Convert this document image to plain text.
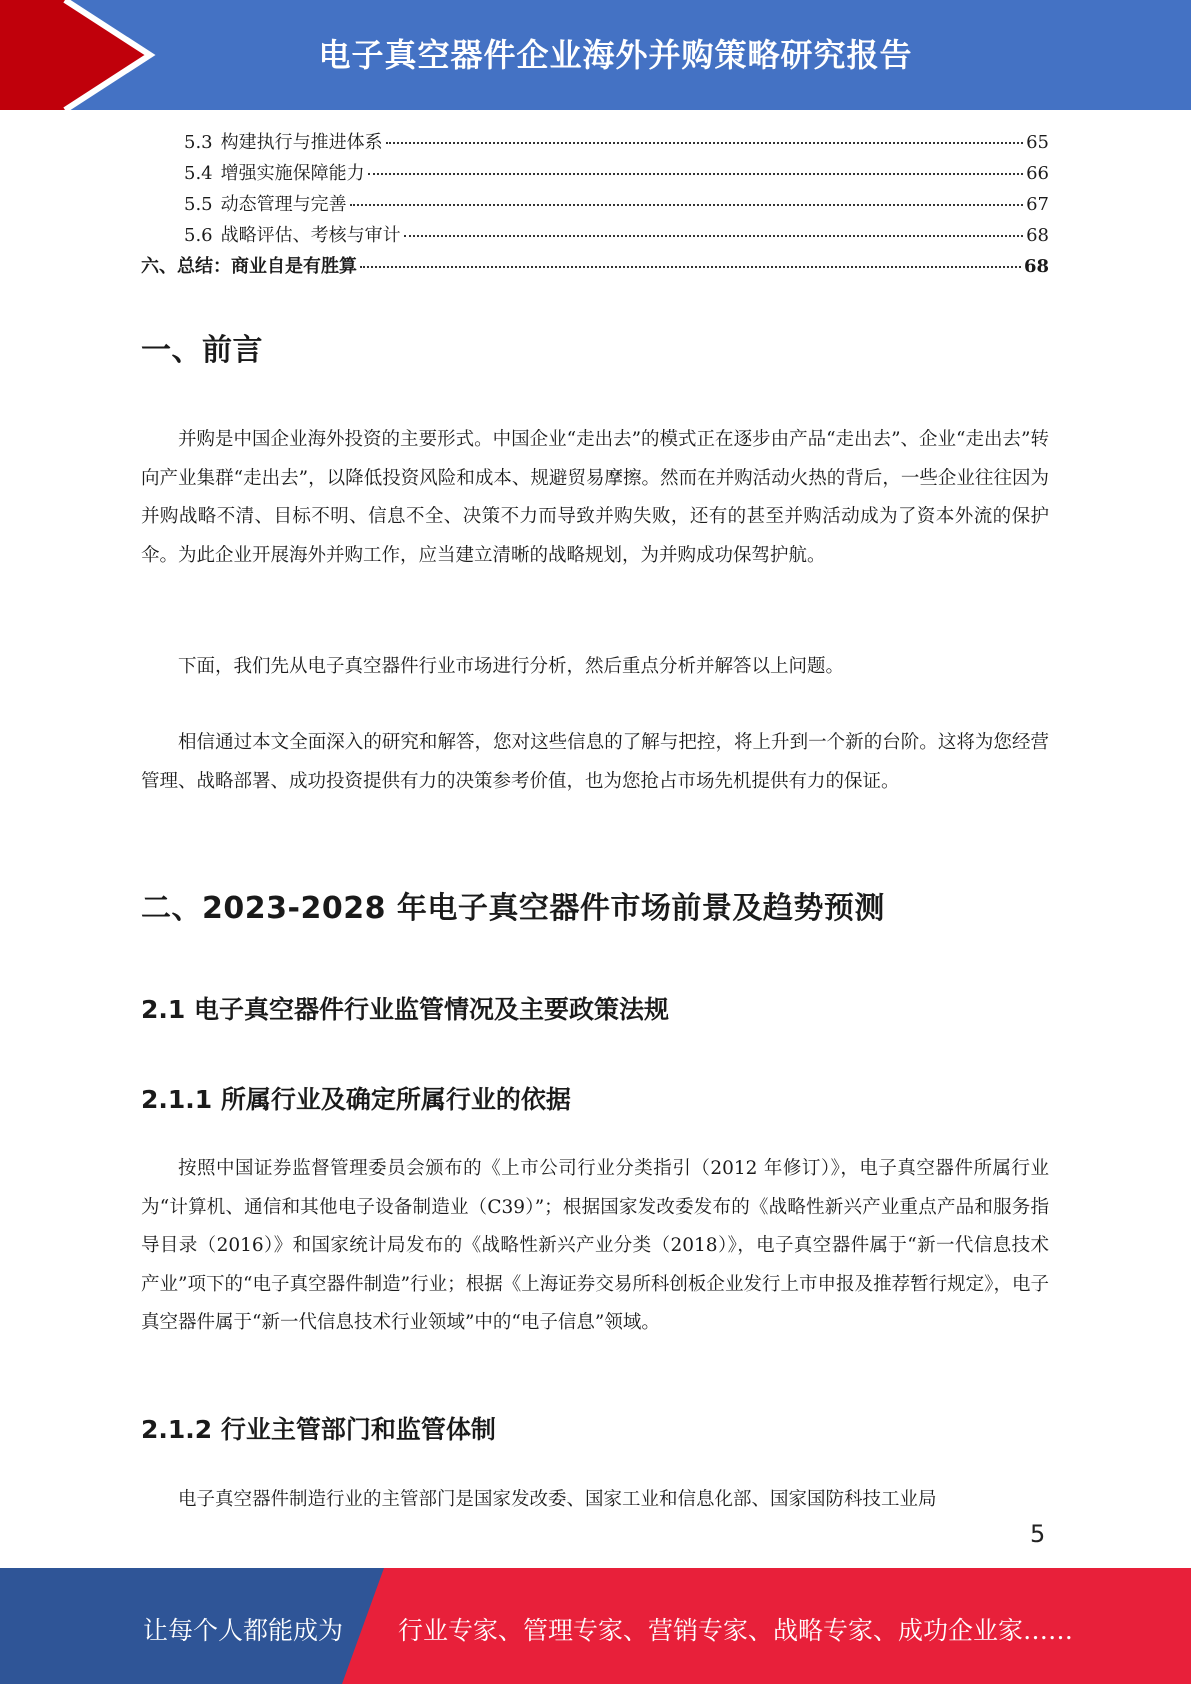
电子真空器件企业海外并购策略研究报告
5.3 构建执行与推进体系	65
5.4 增强实施保障能力	66
5.5 动态管理与完善	67
5.6 战略评估、考核与审计	68
六、总结：商业自是有胜算	68
一、前言

并购是中国企业海外投资的主要形式。中国企业“走出去”的模式正在逐步由产品“走出去”、企业“走出去”转向产业集群“走出去”，以降低投资风险和成本、规避贸易摩擦。然而在并购活动火热的背后，一些企业往往因为并购战略不清、目标不明、信息不全、决策不力而导致并购失败，还有的甚至并购活动成为了资本外流的保护伞。为此企业开展海外并购工作，应当建立清晰的战略规划，为并购成功保驾护航。

下面，我们先从电子真空器件行业市场进行分析，然后重点分析并解答以上问题。

相信通过本文全面深入的研究和解答，您对这些信息的了解与把控，将上升到一个新的台阶。这将为您经营管理、战略部署、成功投资提供有力的决策参考价值，也为您抢占市场先机提供有力的保证。

二、2023-2028 年电子真空器件市场前景及趋势预测
2.1 电子真空器件行业监管情况及主要政策法规
2.1.1 所属行业及确定所属行业的依据

按照中国证券监督管理委员会颁布的《上市公司行业分类指引（2012 年修订）》，电子真空器件所属行业为“计算机、通信和其他电子设备制造业（C39）”；根据国家发改委发布的《战略性新兴产业重点产品和服务指导目录（2016）》和国家统计局发布的《战略性新兴产业分类（2018）》，电子真空器件属于“新一代信息技术产业”项下的“电子真空器件制造”行业；根据《上海证券交易所科创板企业发行上市申报及推荐暂行规定》，电子真空器件属于“新一代信息技术行业领域”中的“电子信息”领域。

2.1.2 行业主管部门和监管体制

电子真空器件制造行业的主管部门是国家发改委、国家工业和信息化部、国家国防科技工业局

5
让每个人都能成为 行业专家、管理专家、营销专家、战略专家、成功企业家……
